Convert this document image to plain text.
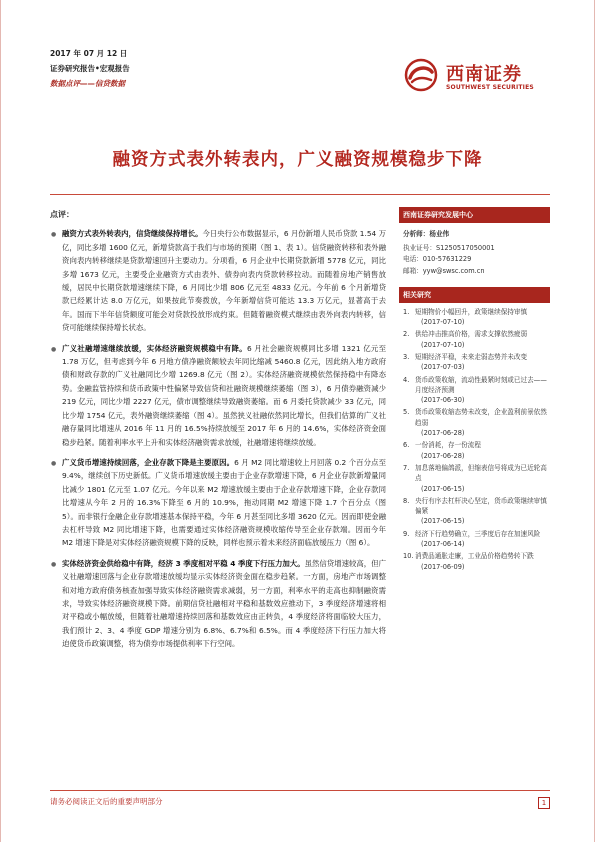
2017 年 07 月 12 日
证券研究报告•宏观报告
数据点评——信贷数据	西南证券
SOUTHWEST SECURITIES
融资方式表外转表内，广义融资规模稳步下降
点评：
● 融资方式表外转表内，信贷继续保持增长。今日央行公布数据显示，6 月份新增人民币贷款 1.54 万亿，同比多增 1600 亿元，新增贷款高于我们与市场的预期（图 1、表 1）。信贷融资转移和表外融资向表内转移继续是贷款增速回升主要动力。分项看，6 月企业中长期贷款新增 5778 亿元，同比多增 1673 亿元，主要受企业融资方式由表外、债券向表内贷款转移拉动。而随着房地产销售放缓，居民中长期贷款增速继续下降，6 月同比少增 806 亿元至 4833 亿元。今年前 6 个月新增贷款已经累计达 8.0 万亿元，如果按此节奏拨放，今年新增信贷可能达 13.3 万亿元，显著高于去年。国而下半年信贷额度可能会对贷款投放形成约束。但随着融资模式继续由表外向表内转移，信贷可能继续保持增长状态。
● 广义社融增速继续放缓，实体经济融资规模稳中有降。6 月社会融资规模同比多增 1321 亿元至 1.78 万亿，但考虑到今年 6 月地方债净融资额较去年同比缩减 5460.8 亿元，因此纳入地方政府债和财政存款的广义社融同比少增 1269.8 亿元（图 2）。实体经济融资规模依然保持稳中有降态势。金融监管持续和货币政策中性偏紧导致信贷和社融资规模继续萎缩（图 3），6 月债券融资减少 219 亿元，同比少增 2227 亿元，债市调整继续导致融资萎缩。而 6 月委托贷款减少 33 亿元，同比少增 1754 亿元，表外融资继续萎缩（图 4）。虽然狭义社融依然同比增长，但我们估算的广义社融存量同比增速从 2016 年 11 月的 16.5%持续放缓至 2017 年 6 月的 14.6%，实体经济资金面稳步趋紧。随着利率水平上升和实体经济融资需求放缓，社融增速将继续放缓。
● 广义货币增速持续回落，企业存款下降是主要原因。6 月 M2 同比增速较上月回落 0.2 个百分点至 9.4%，继续创下历史新低。广义货币增速放缓主要由于企业存款增速下降，6 月企业存款新增量同比减少 1801 亿元至 1.07 亿元。今年以来 M2 增速放缓主要由于企业存款增速下降，企业存款同比增速从今年 2 月的 16.3%下降至 6 月的 10.9%，拖动同期 M2 增速下降 1.7 个百分点（图 5）。而非银行金融企业存款增速基本保持平稳，今年 6 月甚至同比多增 3620 亿元。因而即使金融去杠杆导致 M2 同比增速下降，也需要通过实体经济融资规模收缩传导至企业存款端。因而今年 M2 增速下降是对实体经济融资规模下降的反映，同样也预示着未来经济面临放缓压力（图 6）。
● 实体经济资金供给稳中有降，经济 3 季度相对平稳 4 季度下行压力加大。虽然信贷增速较高，但广义社融增速回落与企业存款增速放缓均显示实体经济资金面在稳步趋紧。一方面，房地产市场调整和对地方政府债务核查加强导致实体经济融资需求减弱，另一方面，利率水平的走高也抑制融资需求，导致实体经济融资规模下降。前期信贷社融相对平稳和基数效应推动下，3 季度经济增速将相对平稳或小幅放缓，但随着社融增速持续回落和基数效应由正转负，4 季度经济将面临较大压力，我们预计 2、3、4 季度 GDP 增速分别为 6.8%、6.7%和 6.5%。而 4 季度经济下行压力加大将迫使货币政策调整，将为债券市场提供利率下行空间。
西南证券研究发展中心
分析师：杨业伟
执业证号：S1250517050001
电话：010-57631229
邮箱：yyw@swsc.com.cn
相关研究
1. 短期物价小幅回升，政策继续保持审慎
(2017-07-10)
2. 供给冲击推高价格，需求支撑依然疲弱
(2017-07-10)
3. 短期经济平稳，未来走弱态势并未改变
(2017-07-03)
4. 货币政策收缩，流动性最紧时刻或已过去——月度经济预测
(2017-06-30)
5. 货币政策收缩态势未改变，企业盈利前景依然趋弱
(2017-06-28)
6. 一份消耗，存一份流程
(2017-06-28)
7. 加息落地偏鸽派，但缩表信号将成为已近轮高点
(2017-06-15)
8. 央行有序去杠杆决心坚定，货币政策继续审慎偏紧
(2017-06-15)
9. 经济下行趋势确立，三季度后存在加速风险
(2017-06-14)
10. 消费品通胀走廉，工业品价格趋势转下跌
(2017-06-09)
请务必阅读正文后的重要声明部分	1
